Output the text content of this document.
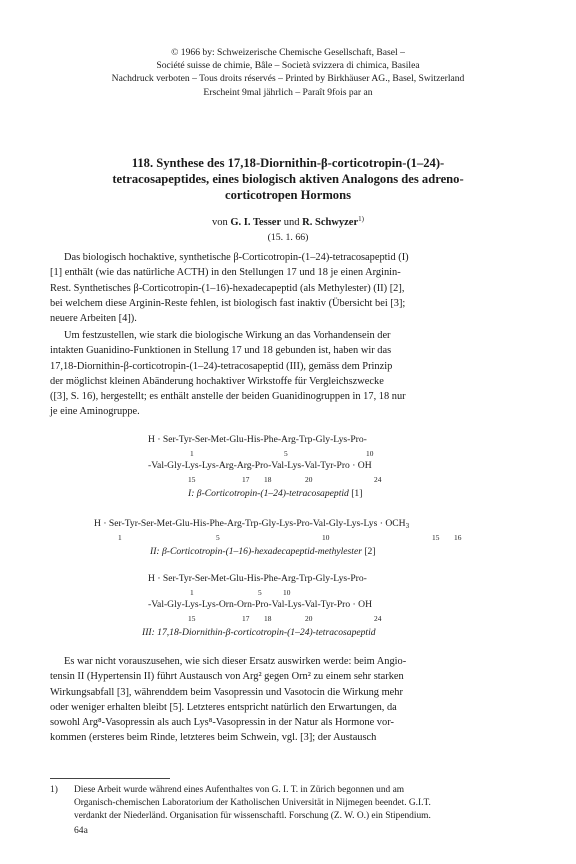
© 1966 by: Schweizerische Chemische Gesellschaft, Basel –
Société suisse de chimie, Bâle – Società svizzera di chimica, Basilea
Nachdruck verboten – Tous droits réservés – Printed by Birkhäuser AG., Basel, Switzerland
Erscheint 9mal jährlich – Paraît 9fois par an
118. Synthese des 17,18-Diornithin-β-corticotropin-(1–24)-
tetracosapeptides, eines biologisch aktiven Analogons des adreno-
corticotropen Hormons
von G. I. Tesser und R. Schwyzer$^{1)}$
(15. 1. 66)

Das biologisch hochaktive, synthetische β-Corticotropin-(1–24)-tetracosapeptid (I)
[1] enthält (wie das natürliche ACTH) in den Stellungen 17 und 18 je einen Arginin-
Rest. Synthetisches β-Corticotropin-(1–16)-hexadecapeptid (als Methylester) (II) [2],
bei welchem diese Arginin-Reste fehlen, ist biologisch fast inaktiv (Übersicht bei [3];
neuere Arbeiten [4]).

Um festzustellen, wie stark die biologische Wirkung an das Vorhandensein der
intakten Guanidino-Funktionen in Stellung 17 und 18 gebunden ist, haben wir das
17,18-Diornithin-β-corticotropin-(1–24)-tetracosapeptid (III), gemäss dem Prinzip
der möglichst kleinen Abänderung hochaktiver Wirkstoffe für Vergleichszwecke
([3], S. 16), hergestellt; es enthält anstelle der beiden Guanidinogruppen in 17, 18 nur
je eine Aminogruppe.

H · Ser-Tyr-Ser-Met-Glu-His-Phe-Arg-Trp-Gly-Lys-Pro-
1	5	10
-Val-Gly-Lys-Lys-Arg-Arg-Pro-Val-Lys-Val-Tyr-Pro · OH
15	17 18	20	24
I: β-Corticotropin-(1–24)-tetracosapeptid [1]
$H \cdot Ser-Tyr-Ser-Met-Glu-His-Phe-Arg-Trp-Gly-Lys-Pro-Val-Gly-Lys-Lys \cdot OCH_3$
1	5	10	15 16
II: β-Corticotropin-(1–16)-hexadecapeptid-methylester [2]
H · Ser-Tyr-Ser-Met-Glu-His-Phe-Arg-Trp-Gly-Lys-Pro-
1	5	10
-Val-Gly-Lys-Lys-Orn-Orn-Pro-Val-Lys-Val-Tyr-Pro · OH
15	17 18	20	24
III: 17,18-Diornithin-β-corticotropin-(1–24)-tetracosapeptid

Es war nicht vorauszusehen, wie sich dieser Ersatz auswirken werde: beim Angio-
tensin II (Hypertensin II) führt Austausch von Arg² gegen Orn² zu einem sehr starken
Wirkungsabfall [3], währenddem beim Vasopressin und Vasotocin die Wirkung mehr
oder weniger erhalten bleibt [5]. Letzteres entspricht natürlich den Erwartungen, da
sowohl Arg⁸-Vasopressin als auch Lys⁸-Vasopressin in der Natur als Hormone vor-
kommen (ersteres beim Rinde, letzteres beim Schwein, vgl. [3]; der Austausch

1) Diese Arbeit wurde während eines Aufenthaltes von G. I. T. in Zürich begonnen und am
Organisch-chemischen Laboratorium der Katholischen Universität in Nijmegen beendet. G.I.T.
verdankt der Niederländ. Organisation für wissenschaftl. Forschung (Z. W. O.) ein Stipendium.
64a
